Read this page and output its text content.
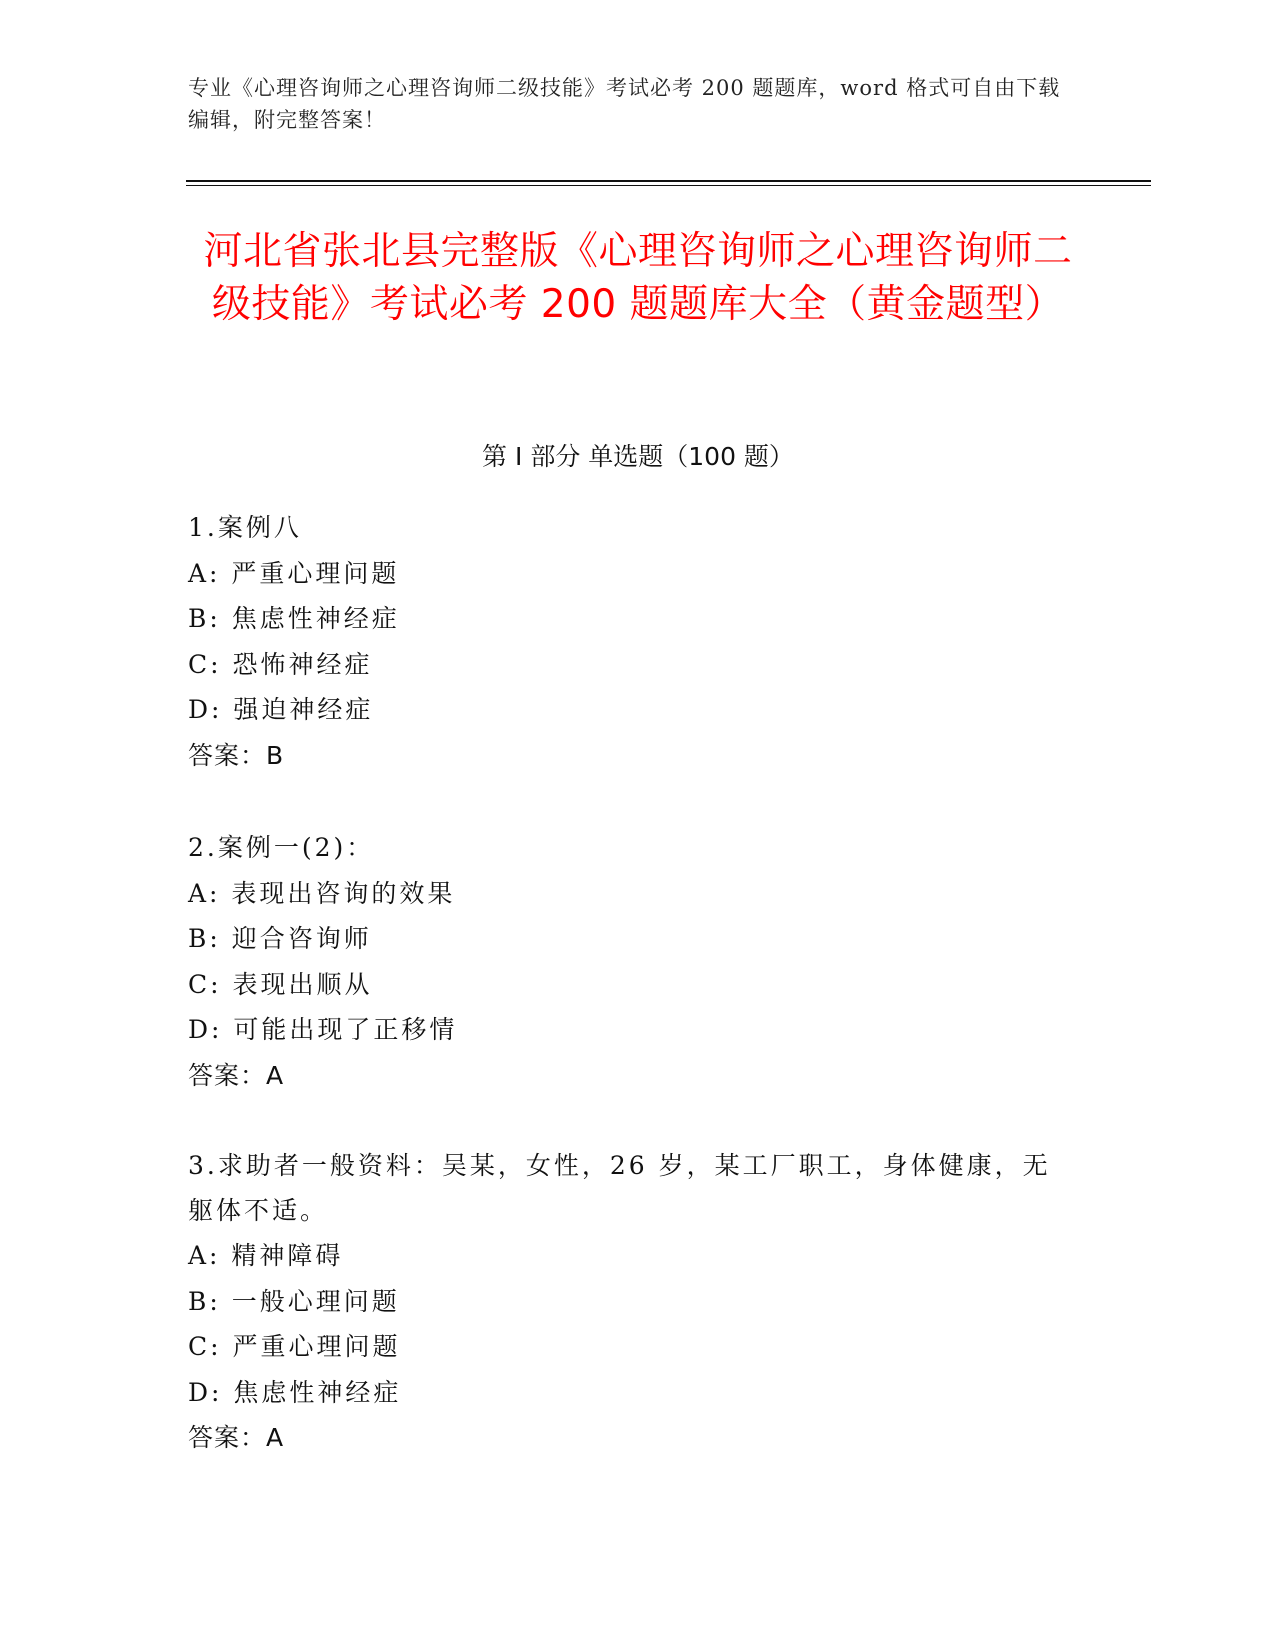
专业《心理咨询师之心理咨询师二级技能》考试必考 200 题题库，word 格式可自由下载编辑，附完整答案！
河北省张北县完整版《心理咨询师之心理咨询师二级技能》考试必考 200 题题库大全（黄金题型）
第 I 部分 单选题（100 题）
1.案例八
A: 严重心理问题
B: 焦虑性神经症
C: 恐怖神经症
D: 强迫神经症
答案：B
2.案例一(2)：
A: 表现出咨询的效果
B: 迎合咨询师
C: 表现出顺从
D: 可能出现了正移情
答案：A
3.求助者一般资料：吴某，女性，26 岁，某工厂职工，身体健康，无躯体不适。
A: 精神障碍
B: 一般心理问题
C: 严重心理问题
D: 焦虑性神经症
答案：A
